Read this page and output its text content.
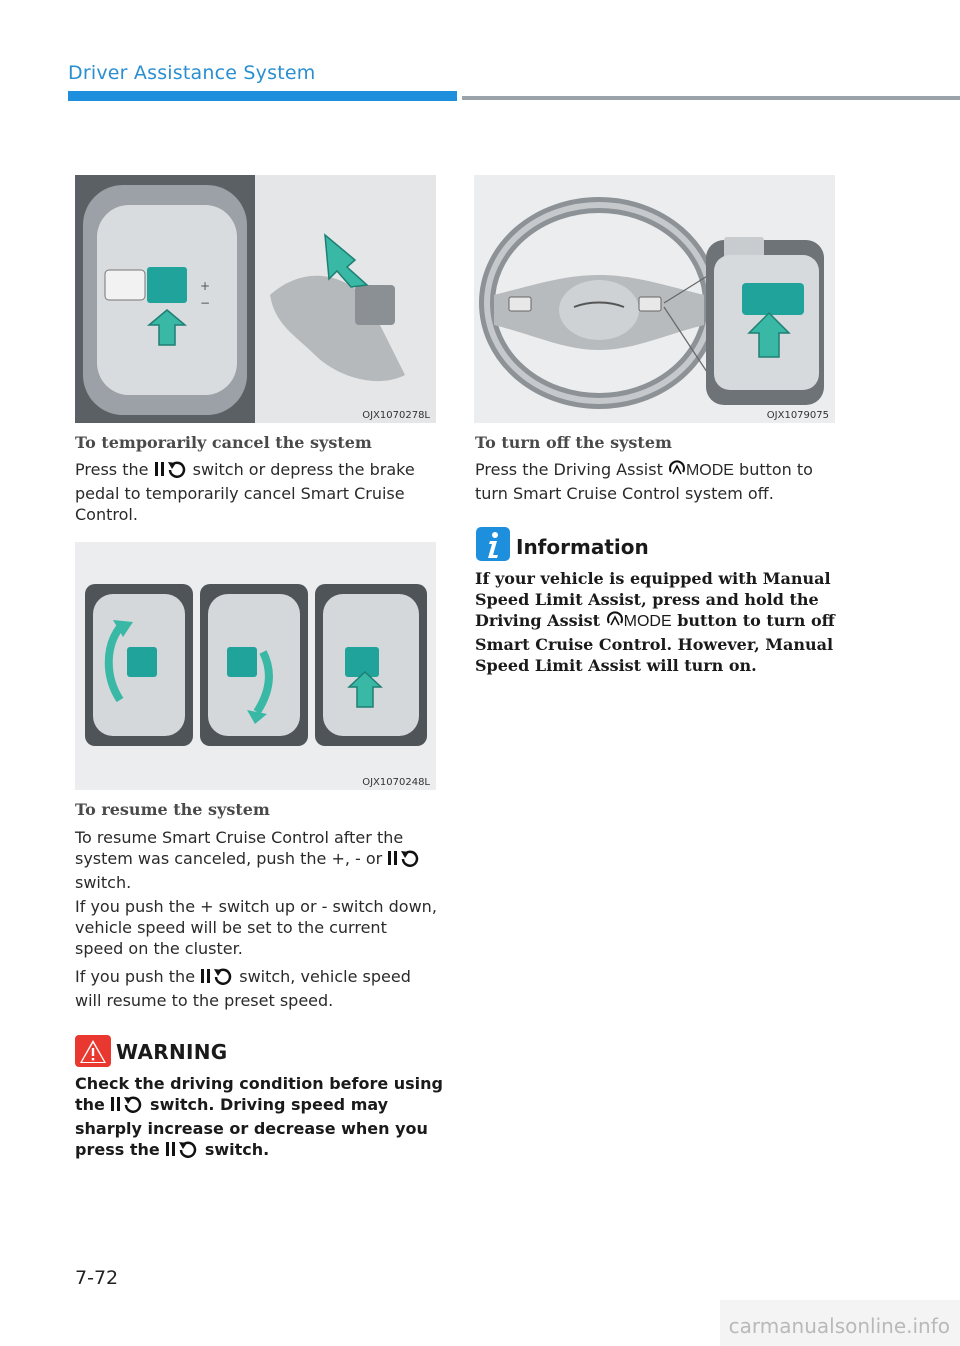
Driver Assistance System
+
−
OJX1070278L
To temporarily cancel the system

Press the  switch or depress the brake pedal to temporarily cancel Smart Cruise Control.

OJX1070248L
To resume the system

To resume Smart Cruise Control after the system was canceled, push the +, - or  switch.

If you push the + switch up or - switch down, vehicle speed will be set to the current speed on the cluster.

If you push the  switch, vehicle speed will resume to the preset speed.

WARNING

Check the driving condition before using the  switch. Driving speed may sharply increase or decrease when you press the  switch.

OJX1079075
To turn off the system

Press the Driving Assist MODE button to turn Smart Cruise Control system off.

Information

If your vehicle is equipped with Manual Speed Limit Assist, press and hold the Driving Assist MODE button to turn off Smart Cruise Control. However, Manual Speed Limit Assist will turn on.

7-72
carmanualsonline.info
